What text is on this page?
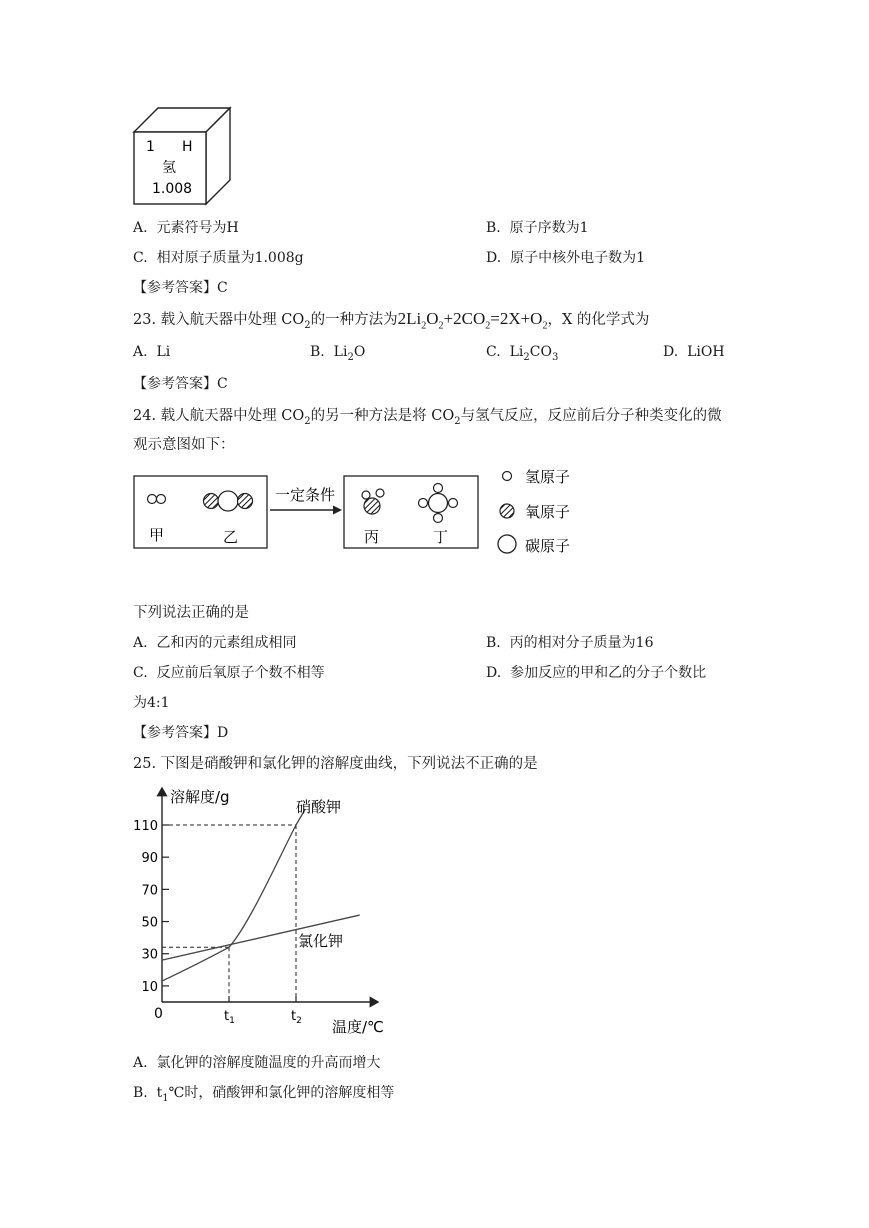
1 H
氢
1.008
A. 元素符号为H	B. 原子序数为1
C. 相对原子质量为1.008g	D. 原子中核外电子数为1
【参考答案】C
23. 载入航天器中处理 $CO_2$的一种方法为$2Li_2O_2+2CO_2=2X+O_2$，X 的化学式为
A. Li	B. $Li_2O$	C. $Li_2CO_3$	D. LiOH
【参考答案】C
24. 载人航天器中处理 $CO_2$的另一种方法是将 $CO_2$与氢气反应，反应前后分子种类变化的微
观示意图如下：
甲	乙
一定条件
丙	丁
氢原子
氧原子
碳原子
下列说法正确的是
A. 乙和丙的元素组成相同	B. 丙的相对分子质量为16
C. 反应前后氧原子个数不相等	D. 参加反应的甲和乙的分子个数比
为4:1
【参考答案】D
25. 下图是硝酸钾和氯化钾的溶解度曲线，下列说法不正确的是
溶解度/g
温度/℃
0
10
30
50
70
90
110
$t_1$	$t_2$
硝酸钾
氯化钾
A. 氯化钾的溶解度随温度的升高而增大
B. $t_1℃$时，硝酸钾和氯化钾的溶解度相等
